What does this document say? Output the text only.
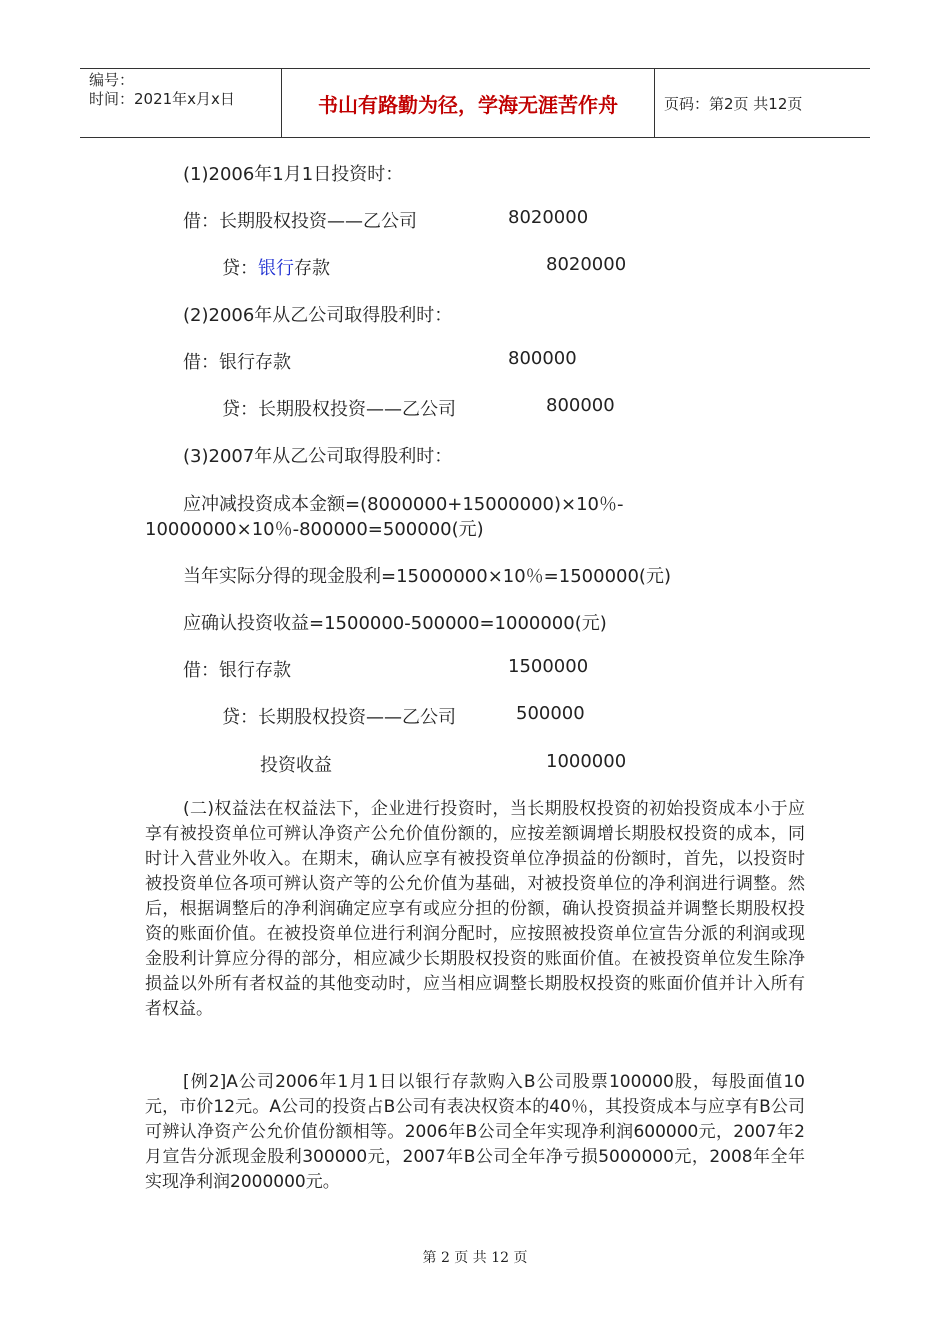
编号：
时间：2021年x月x日	书山有路勤为径，学海无涯苦作舟	页码：第2页 共12页
(1)2006年1月1日投资时：
借：长期股权投资——乙公司	8020000
贷：银行存款	8020000
(2)2006年从乙公司取得股利时：
借：银行存款	800000
贷：长期股权投资——乙公司	800000
(3)2007年从乙公司取得股利时：
应冲减投资成本金额=(8000000+15000000)×10％-
10000000×10％-800000=500000(元)
当年实际分得的现金股利=15000000×10％=1500000(元)
应确认投资收益=1500000-500000=1000000(元)
借：银行存款	1500000
贷：长期股权投资——乙公司	500000
投资收益	1000000
(二)权益法在权益法下，企业进行投资时，当长期股权投资的初始投资成本小于应享有被投资单位可辨认净资产公允价值份额的，应按差额调增长期股权投资的成本，同时计入营业外收入。在期末，确认应享有被投资单位净损益的份额时，首先，以投资时被投资单位各项可辨认资产等的公允价值为基础，对被投资单位的净利润进行调整。然后，根据调整后的净利润确定应享有或应分担的份额，确认投资损益并调整长期股权投资的账面价值。在被投资单位进行利润分配时，应按照被投资单位宣告分派的利润或现金股利计算应分得的部分，相应减少长期股权投资的账面价值。在被投资单位发生除净损益以外所有者权益的其他变动时，应当相应调整长期股权投资的账面价值并计入所有者权益。
[例2]A公司2006年1月1日以银行存款购入B公司股票100000股，每股面值10元，市价12元。A公司的投资占B公司有表决权资本的40％，其投资成本与应享有B公司可辨认净资产公允价值份额相等。2006年B公司全年实现净利润600000元，2007年2月宣告分派现金股利300000元，2007年B公司全年净亏损5000000元，2008年全年实现净利润2000000元。
第 2 页 共 12 页
